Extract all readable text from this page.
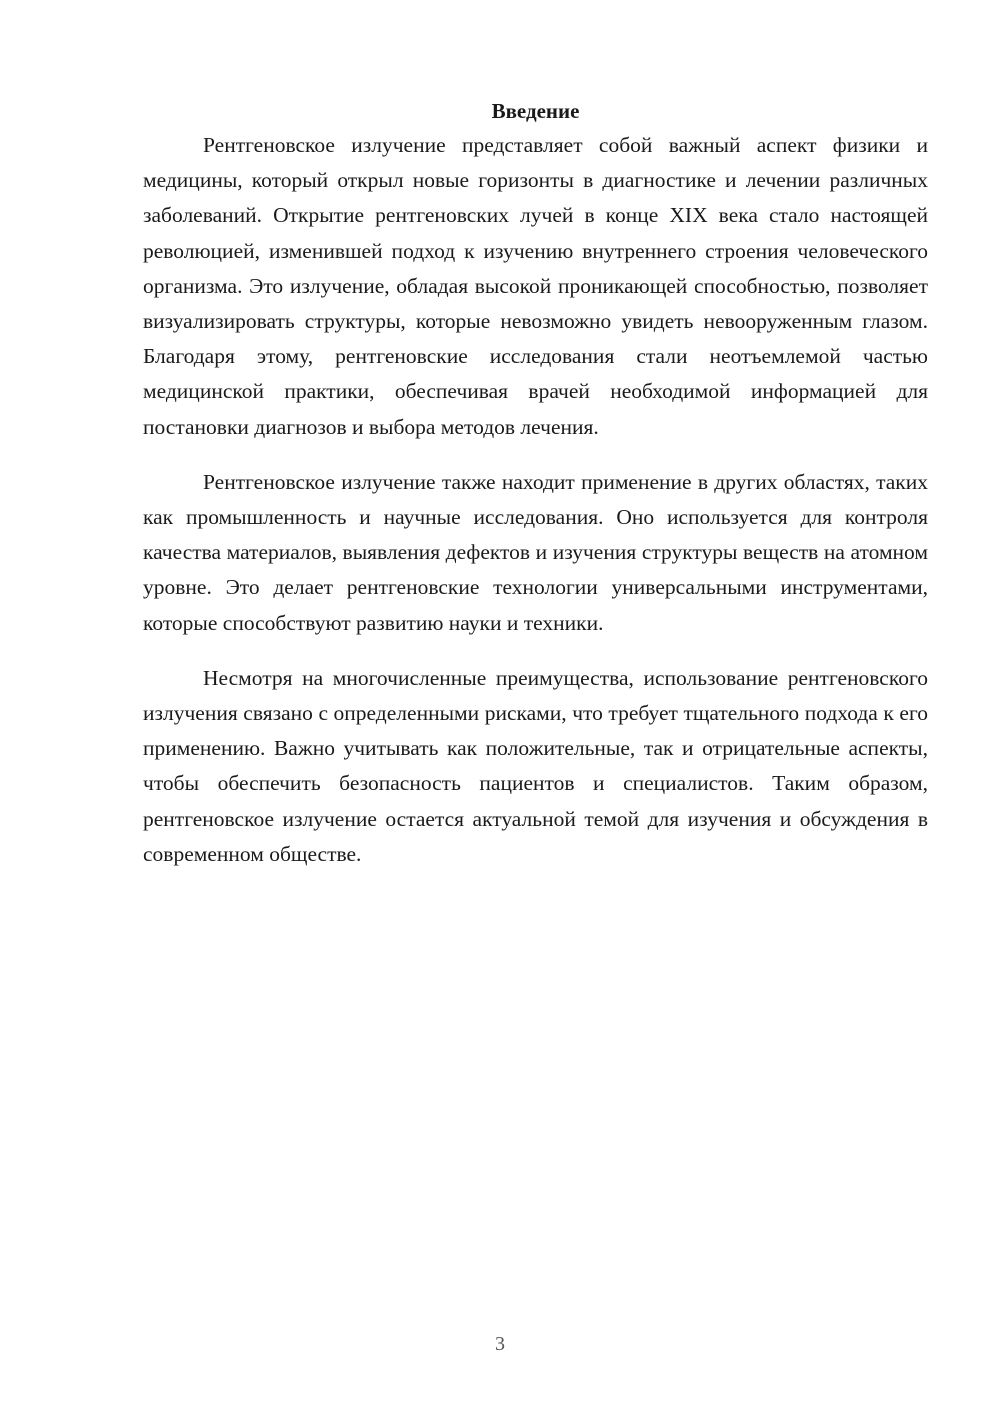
Введение

Рентгеновское излучение представляет собой важный аспект физики и медицины, который открыл новые горизонты в диагностике и лечении различных заболеваний. Открытие рентгеновских лучей в конце XIX века стало настоящей революцией, изменившей подход к изучению внутреннего строения человеческого организма. Это излучение, обладая высокой проникающей способностью, позволяет визуализировать структуры, которые невозможно увидеть невооруженным глазом. Благодаря этому, рентгеновские исследования стали неотъемлемой частью медицинской практики, обеспечивая врачей необходимой информацией для постановки диагнозов и выбора методов лечения.

Рентгеновское излучение также находит применение в других областях, таких как промышленность и научные исследования. Оно используется для контроля качества материалов, выявления дефектов и изучения структуры веществ на атомном уровне. Это делает рентгеновские технологии универсальными инструментами, которые способствуют развитию науки и техники.

Несмотря на многочисленные преимущества, использование рентгеновского излучения связано с определенными рисками, что требует тщательного подхода к его применению. Важно учитывать как положительные, так и отрицательные аспекты, чтобы обеспечить безопасность пациентов и специалистов. Таким образом, рентгеновское излучение остается актуальной темой для изучения и обсуждения в современном обществе.

3
